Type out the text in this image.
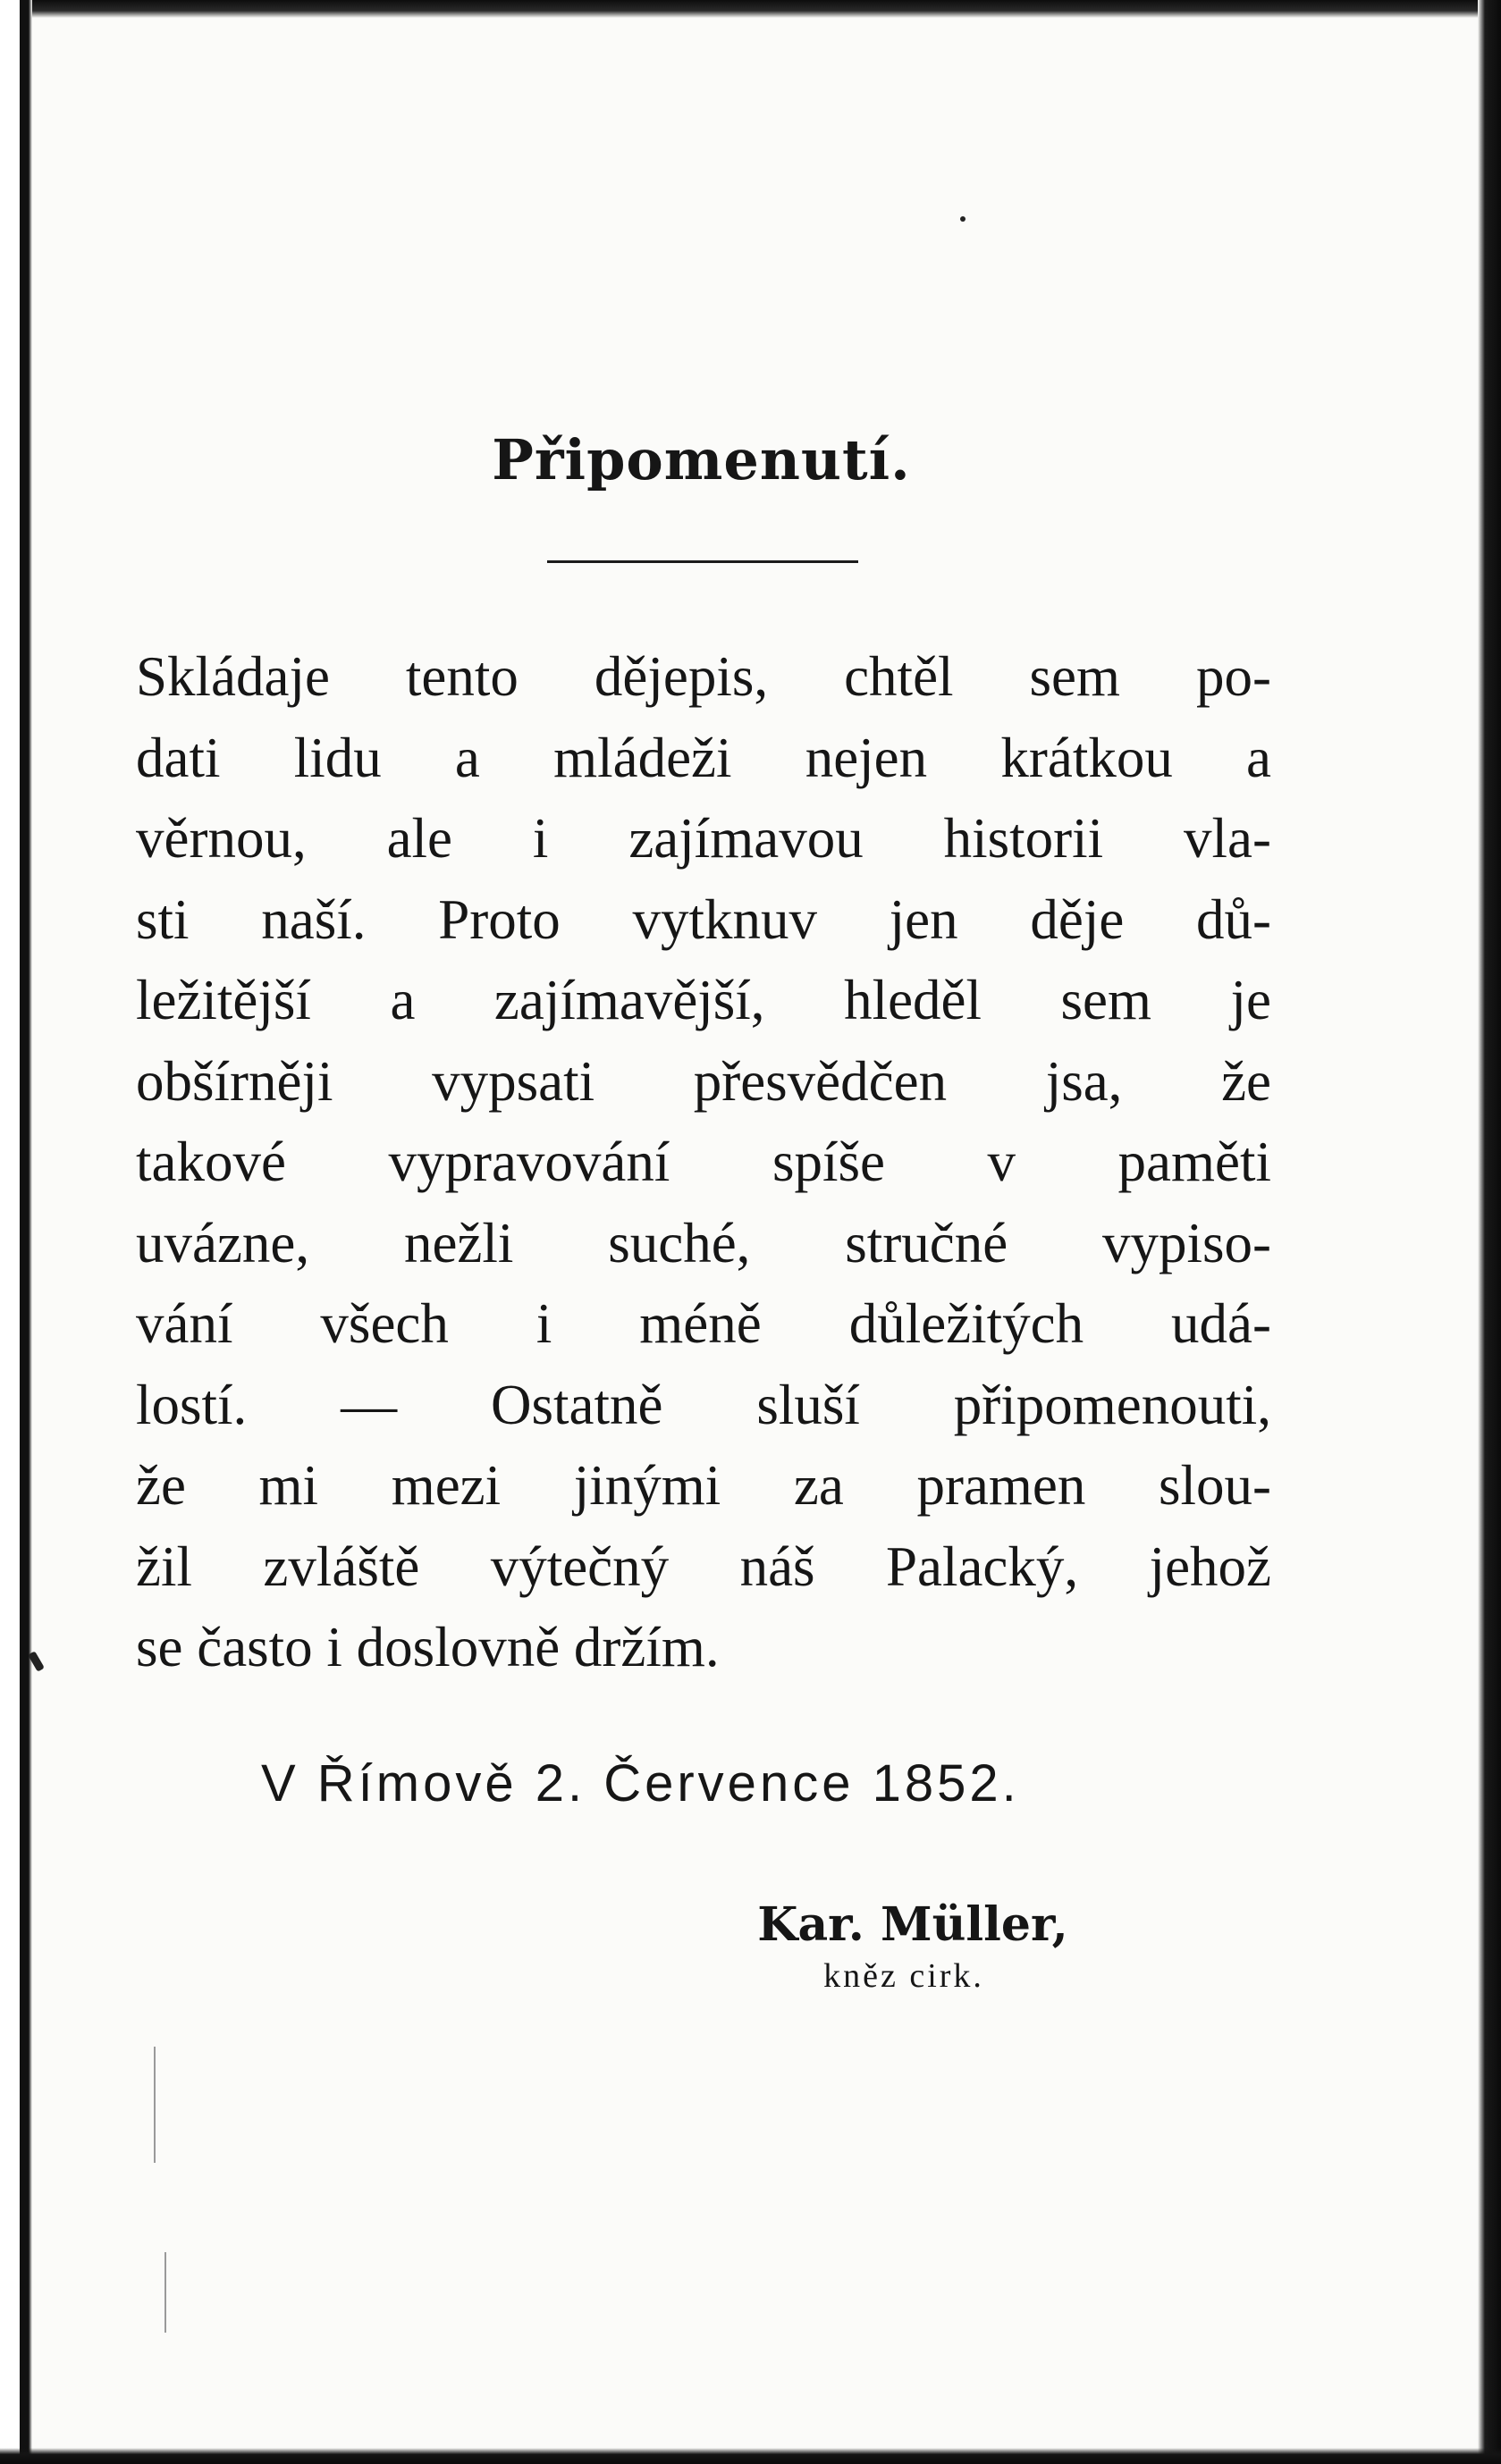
Připomenutí.
Skládaje tento dějepis, chtěl sem po-
dati lidu a mládeži nejen krátkou a
věrnou, ale i zajímavou historii vla-
sti naší. Proto vytknuv jen děje dů-
ležitější a zajímavější, hleděl sem je
obšírněji vypsati přesvědčen jsa, že
takové vypravování spíše v paměti
uvázne, nežli suché, stručné vypiso-
vání všech i méně důležitých udá-
lostí. — Ostatně sluší připomenouti,
že mi mezi jinými za pramen slou-
žil zvláště výtečný náš Palacký, jehož
se často i doslovně držím.
V Římově 2. Července 1852.
Kar. Müller,
kněz cirk.
